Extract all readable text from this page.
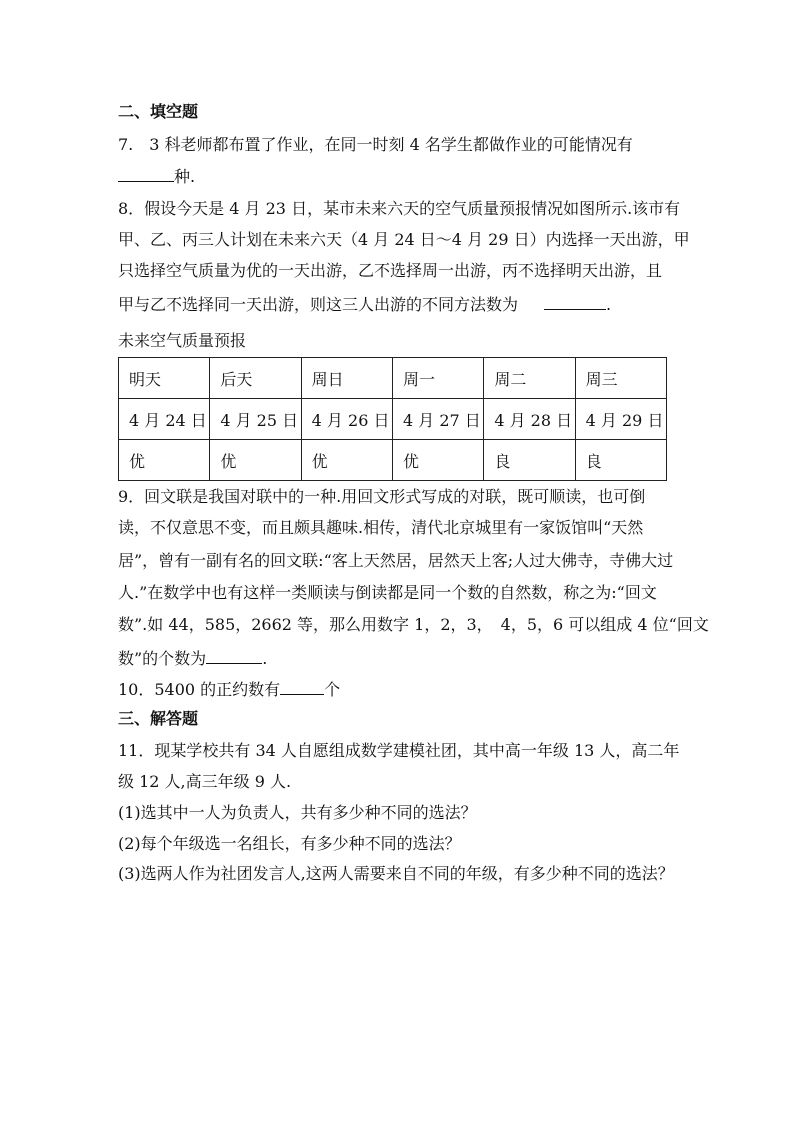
二、填空题
7.　3 科老师都布置了作业，在同一时刻 4 名学生都做作业的可能情况有
种.
8．假设今天是 4 月 23 日，某市未来六天的空气质量预报情况如图所示.该市有
甲、乙、丙三人计划在未来六天（4 月 24 日～4 月 29 日）内选择一天出游，甲
只选择空气质量为优的一天出游，乙不选择周一出游，丙不选择明天出游，且
甲与乙不选择同一天出游，则这三人出游的不同方法数为	.
未来空气质量预报
明天	后天	周日	周一	周二	周三
4 月 24 日	4 月 25 日	4 月 26 日	4 月 27 日	4 月 28 日	4 月 29 日
优	优	优	优	良	良
9．回文联是我国对联中的一种.用回文形式写成的对联，既可顺读，也可倒
读，不仅意思不变，而且颇具趣味.相传，清代北京城里有一家饭馆叫“天然
居”，曾有一副有名的回文联:“客上天然居，居然天上客;人过大佛寺，寺佛大过
人.”在数学中也有这样一类顺读与倒读都是同一个数的自然数，称之为:“回文
数”.如 44，585，2662 等，那么用数字 1，2，3，　4，5，6 可以组成 4 位“回文
数”的个数为	.
10．5400 的正约数有	个
三、解答题
11．现某学校共有 34 人自愿组成数学建模社团，其中高一年级 13 人，高二年
级 12 人,高三年级 9 人.
(1)选其中一人为负责人，共有多少种不同的选法？
(2)每个年级选一名组长，有多少种不同的选法？
(3)选两人作为社团发言人,这两人需要来自不同的年级，有多少种不同的选法？
